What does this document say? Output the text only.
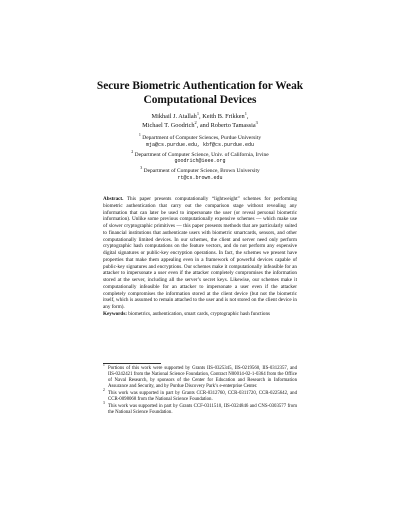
Secure Biometric Authentication for Weak Computational Devices
Mikhail J. Atallah$^1$, Keith B. Frikken$^1$,
Michael T. Goodrich$^2$, and Roberto Tamassia$^3$
$^1$ Department of Computer Sciences, Purdue University
mja@cs.purdue.edu, kbf@cs.purdue.edu
$^2$ Department of Computer Science, Univ. of California, Irvine
goodrich@ieee.org
$^3$ Department of Computer Science, Brown University
rt@cs.brown.edu
Abstract. This paper presents computationally “lightweight” schemes for performing biometric authentication that carry out the comparison stage without revealing any information that can later be used to impersonate the user (or reveal personal biometric information). Unlike some previous computationally expensive schemes — which make use of slower cryptographic primitives — this paper presents methods that are particularly suited to financial institutions that authenticate users with biometric smartcards, sensors, and other computationally limited devices. In our schemes, the client and server need only perform cryptographic hash computations on the feature vectors, and do not perform any expensive digital signatures or public-key encryption operations. In fact, the schemes we present have properties that make them appealing even in a framework of powerful devices capable of public-key signatures and encryptions. Our schemes make it computationally infeasible for an attacker to impersonate a user even if the attacker completely compromises the information stored at the server, including all the server’s secret keys. Likewise, our schemes make it computationally infeasible for an attacker to impersonate a user even if the attacker completely compromises the information stored at the client device (but not the biometric itself, which is assumed to remain attached to the user and is not stored on the client device in any form).
Keywords: biometrics, authentication, smart cards, cryptographic hash functions
1
Portions of this work were supported by Grants IIS-0325345, IIS-0219560, IIS-0312357, and IIS-0242421 from the National Science Foundation, Contract N00014-02-1-0364 from the Office of Naval Research, by sponsors of the Center for Education and Research in Information Assurance and Security, and by Purdue Discovery Park’s e-enterprise Center.
2
This work was supported in part by Grants CCR-0312760, CCR-0311720, CCR-0225642, and CCR-0098068 from the National Science Foundation.
3
This work was supported in part by Grants CCF-0311510, IIS-0324846 and CNS-0303577 from the National Science Foundation.
